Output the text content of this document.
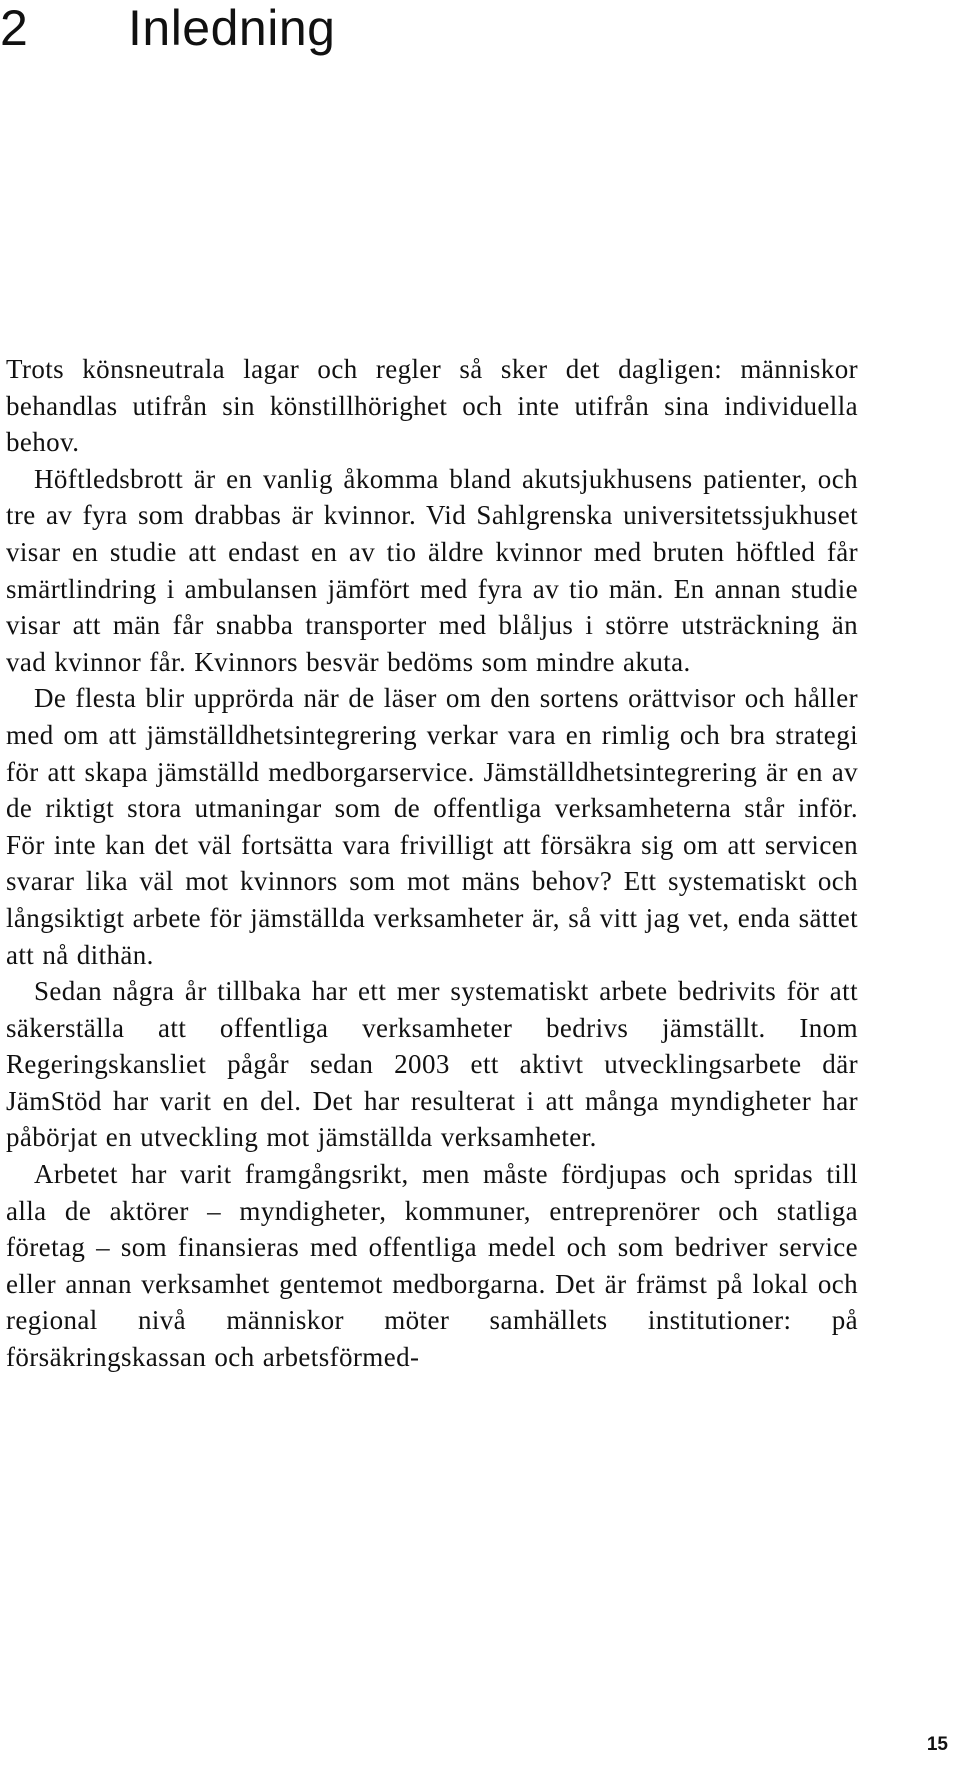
2 Inledning

Trots könsneutrala lagar och regler så sker det dagligen: människor behandlas utifrån sin könstillhörighet och inte utifrån sina individuella behov.

Höftledsbrott är en vanlig åkomma bland akutsjukhusens patienter, och tre av fyra som drabbas är kvinnor. Vid Sahlgrenska universitetssjukhuset visar en studie att endast en av tio äldre kvinnor med bruten höftled får smärtlindring i ambulansen jämfört med fyra av tio män. En annan studie visar att män får snabba transporter med blåljus i större utsträckning än vad kvinnor får. Kvinnors besvär bedöms som mindre akuta.

De flesta blir upprörda när de läser om den sortens orättvisor och håller med om att jämställdhetsintegrering verkar vara en rimlig och bra strategi för att skapa jämställd medborgarservice. Jämställdhetsintegrering är en av de riktigt stora utmaningar som de offentliga verksamheterna står inför. För inte kan det väl fortsätta vara frivilligt att försäkra sig om att servicen svarar lika väl mot kvinnors som mot mäns behov? Ett systematiskt och långsiktigt arbete för jämställda verksamheter är, så vitt jag vet, enda sättet att nå dithän.

Sedan några år tillbaka har ett mer systematiskt arbete bedrivits för att säkerställa att offentliga verksamheter bedrivs jämställt. Inom Regeringskansliet pågår sedan 2003 ett aktivt utvecklingsarbete där JämStöd har varit en del. Det har resulterat i att många myndigheter har påbörjat en utveckling mot jämställda verksamheter.

Arbetet har varit framgångsrikt, men måste fördjupas och spridas till alla de aktörer – myndigheter, kommuner, entreprenörer och statliga företag – som finansieras med offentliga medel och som bedriver service eller annan verksamhet gentemot medborgarna. Det är främst på lokal och regional nivå människor möter samhällets institutioner: på försäkringskassan och arbetsförmed-

15
